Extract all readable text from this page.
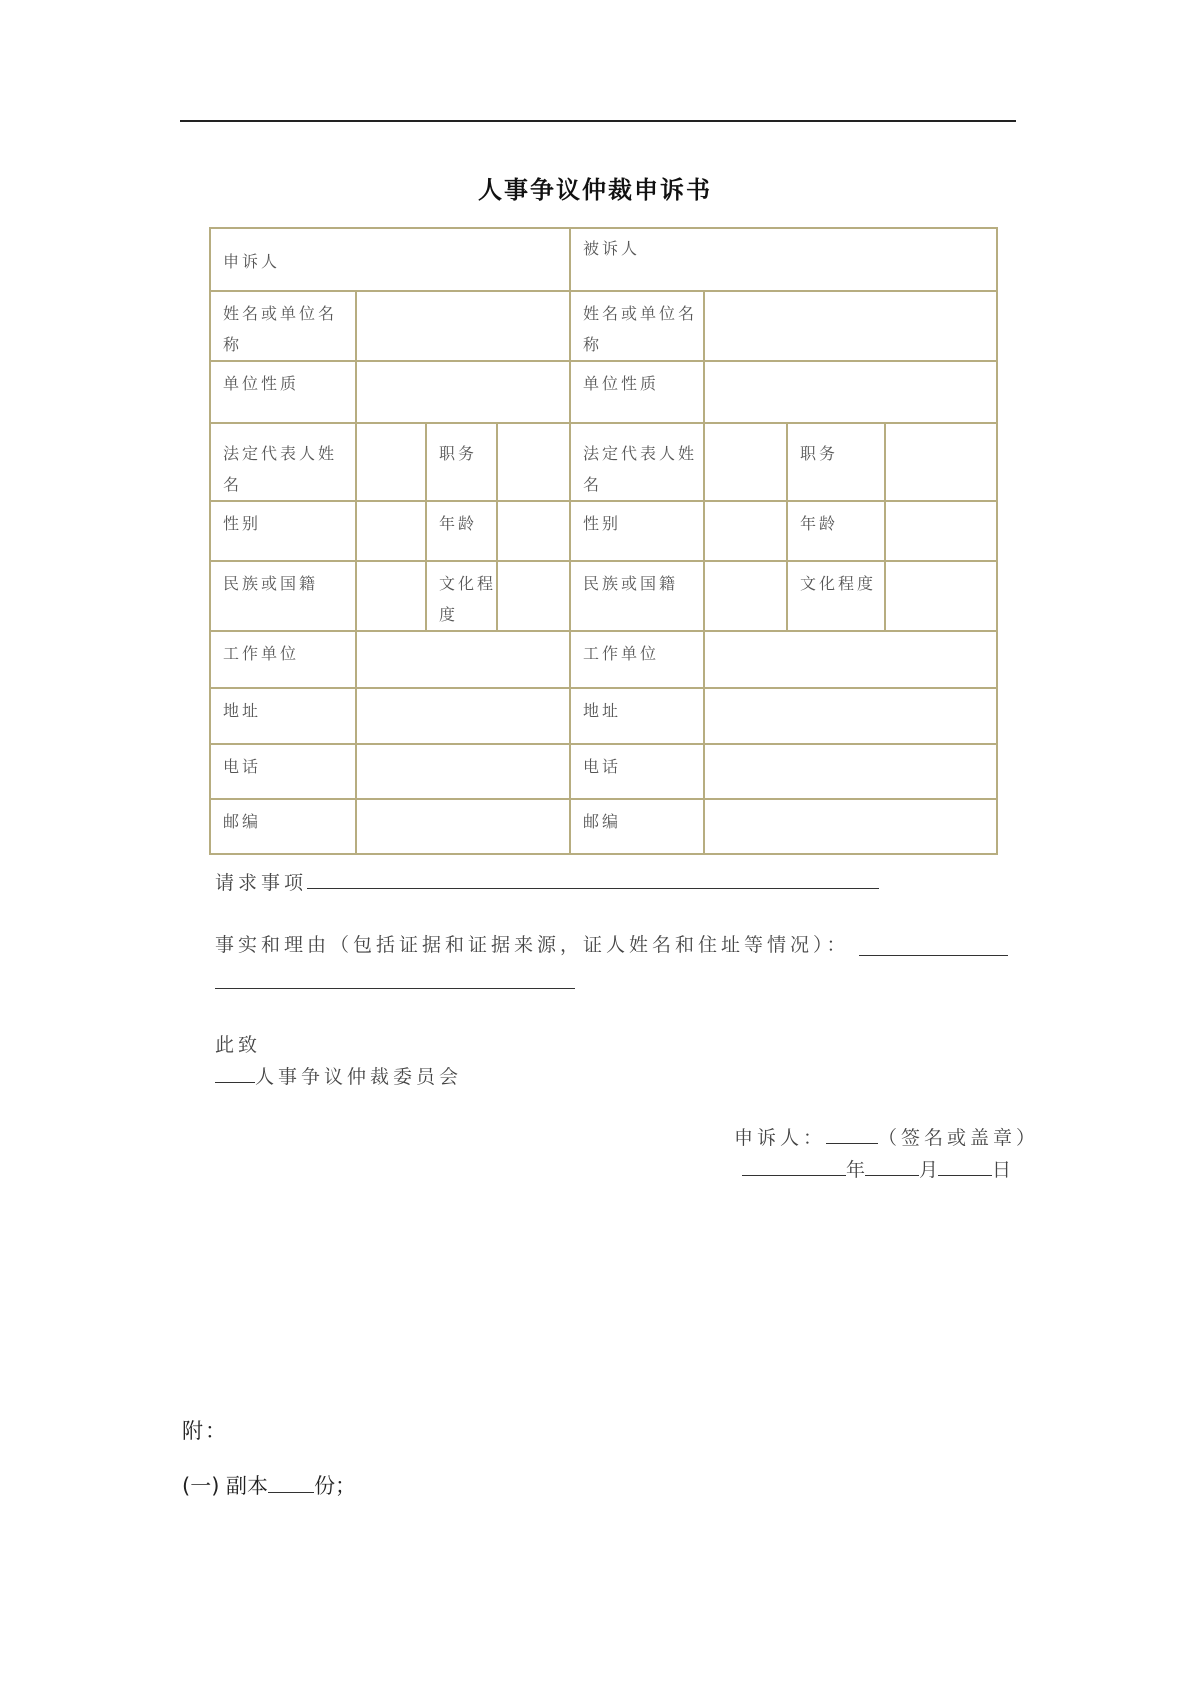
人事争议仲裁申诉书
申诉人				被诉人			
姓名或单位名称				姓名或单位名称			
单位性质				单位性质			
法定代表人姓名		职务		法定代表人姓名		职务	
性别		年龄		性别		年龄	
民族或国籍		文化程度		民族或国籍		文化程度	
工作单位				工作单位			
地址				地址			
电话				电话			
邮编				邮编			
请求事项
事实和理由（包括证据和证据来源，证人姓名和住址等情况）：
此致
人事争议仲裁委员会
申诉人：	（签名或盖章）
年	月	日
附：
(一) 副本 份；
